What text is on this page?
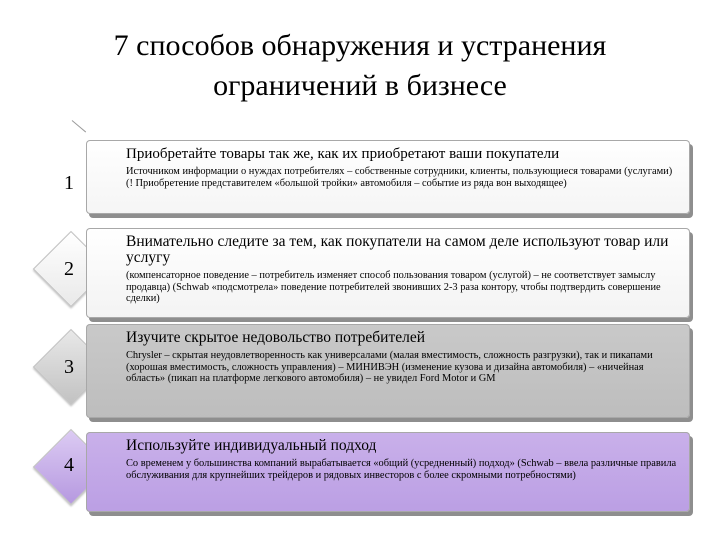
7 способов обнаружения и устранения
ограничений в бизнесе
1
Приобретайте товары так же, как их приобретают ваши покупатели
Источником информации о нуждах потребителях – собственные сотрудники, клиенты, пользующиеся товарами (услугами) (! Приобретение представителем «большой тройки» автомобиля – событие из ряда вон выходящее)
2
Внимательно следите за тем, как покупатели на самом деле используют товар или услугу
(компенсаторное поведение – потребитель изменяет способ пользования товаром (услугой) – не соответствует замыслу продавца) (Schwab «подсмотрела» поведение потребителей звонивших 2-3 раза контору, чтобы подтвердить совершение сделки)
3
Изучите скрытое недовольство потребителей
Chrysler – скрытая неудовлетворенность как универсалами (малая вместимость, сложность разгрузки), так и пикапами (хорошая вместимость, сложность управления) – МИНИВЭН (изменение кузова и дизайна автомобиля) – «ничейная область» (пикап на платформе легкового автомобиля) – не увидел Ford Motor и GM
4
Используйте индивидуальный подход
Со временем у большинства компаний вырабатывается «общий (усредненный) подход» (Schwab – ввела различные правила обслуживания для крупнейших трейдеров и рядовых инвесторов с более скромными потребностями)
